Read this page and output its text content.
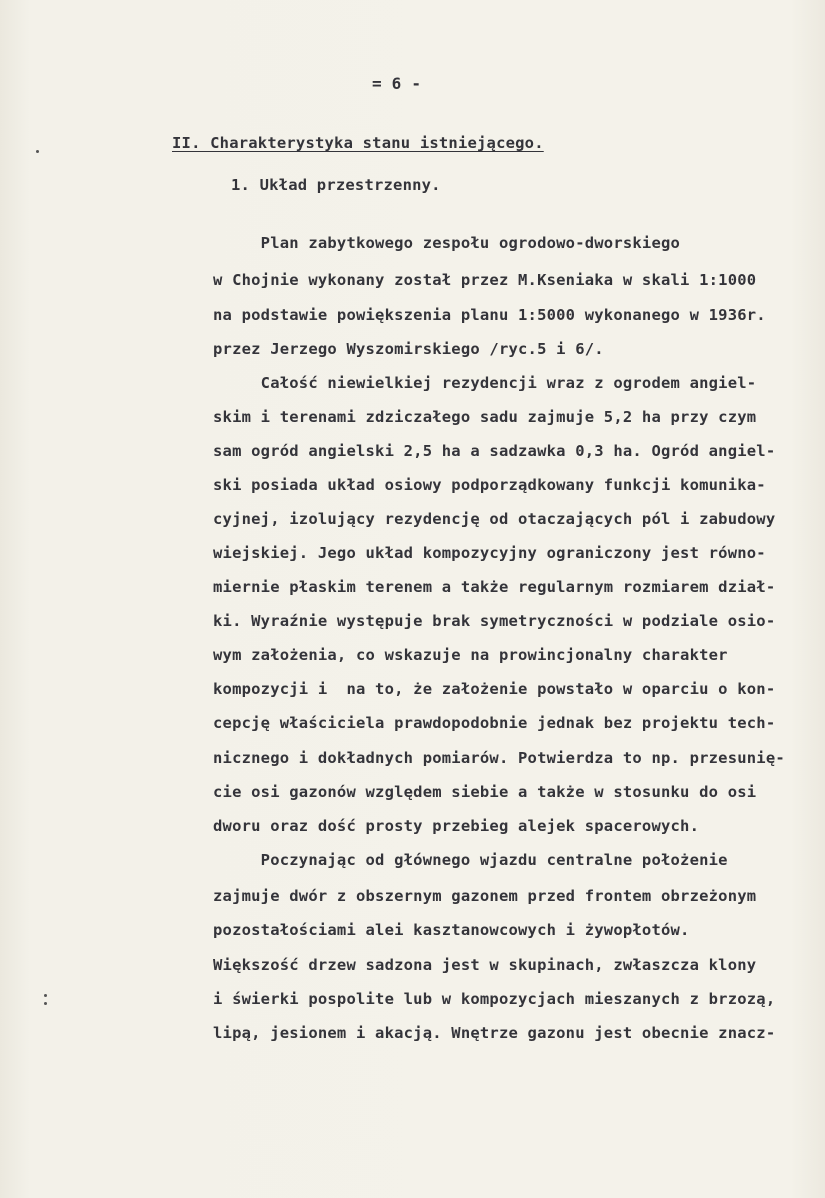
= 6 -
II. Charakterystyka stanu istniejącego.
1. Układ przestrzenny.
Plan zabytkowego zespołu ogrodowo-dworskiego
w Chojnie wykonany został przez M.Kseniaka w skali 1:1000
na podstawie powiększenia planu 1:5000 wykonanego w 1936r.
przez Jerzego Wyszomirskiego /ryc.5 i 6/.
Całość niewielkiej rezydencji wraz z ogrodem angiel-
skim i terenami zdziczałego sadu zajmuje 5,2 ha przy czym
sam ogród angielski 2,5 ha a sadzawka 0,3 ha. Ogród angiel-
ski posiada układ osiowy podporządkowany funkcji komunika-
cyjnej, izolujący rezydencję od otaczających pól i zabudowy
wiejskiej. Jego układ kompozycyjny ograniczony jest równo-
miernie płaskim terenem a także regularnym rozmiarem dział-
ki. Wyraźnie występuje brak symetryczności w podziale osio-
wym założenia, co wskazuje na prowincjonalny charakter
kompozycji i  na to, że założenie powstało w oparciu o kon-
cepcję właściciela prawdopodobnie jednak bez projektu tech-
nicznego i dokładnych pomiarów. Potwierdza to np. przesunię-
cie osi gazonów względem siebie a także w stosunku do osi
dworu oraz dość prosty przebieg alejek spacerowych.
Poczynając od głównego wjazdu centralne położenie
zajmuje dwór z obszernym gazonem przed frontem obrzeżonym
pozostałościami alei kasztanowcowych i żywopłotów.
Większość drzew sadzona jest w skupinach, zwłaszcza klony
i świerki pospolite lub w kompozycjach mieszanych z brzozą,
lipą, jesionem i akacją. Wnętrze gazonu jest obecnie znacz-
